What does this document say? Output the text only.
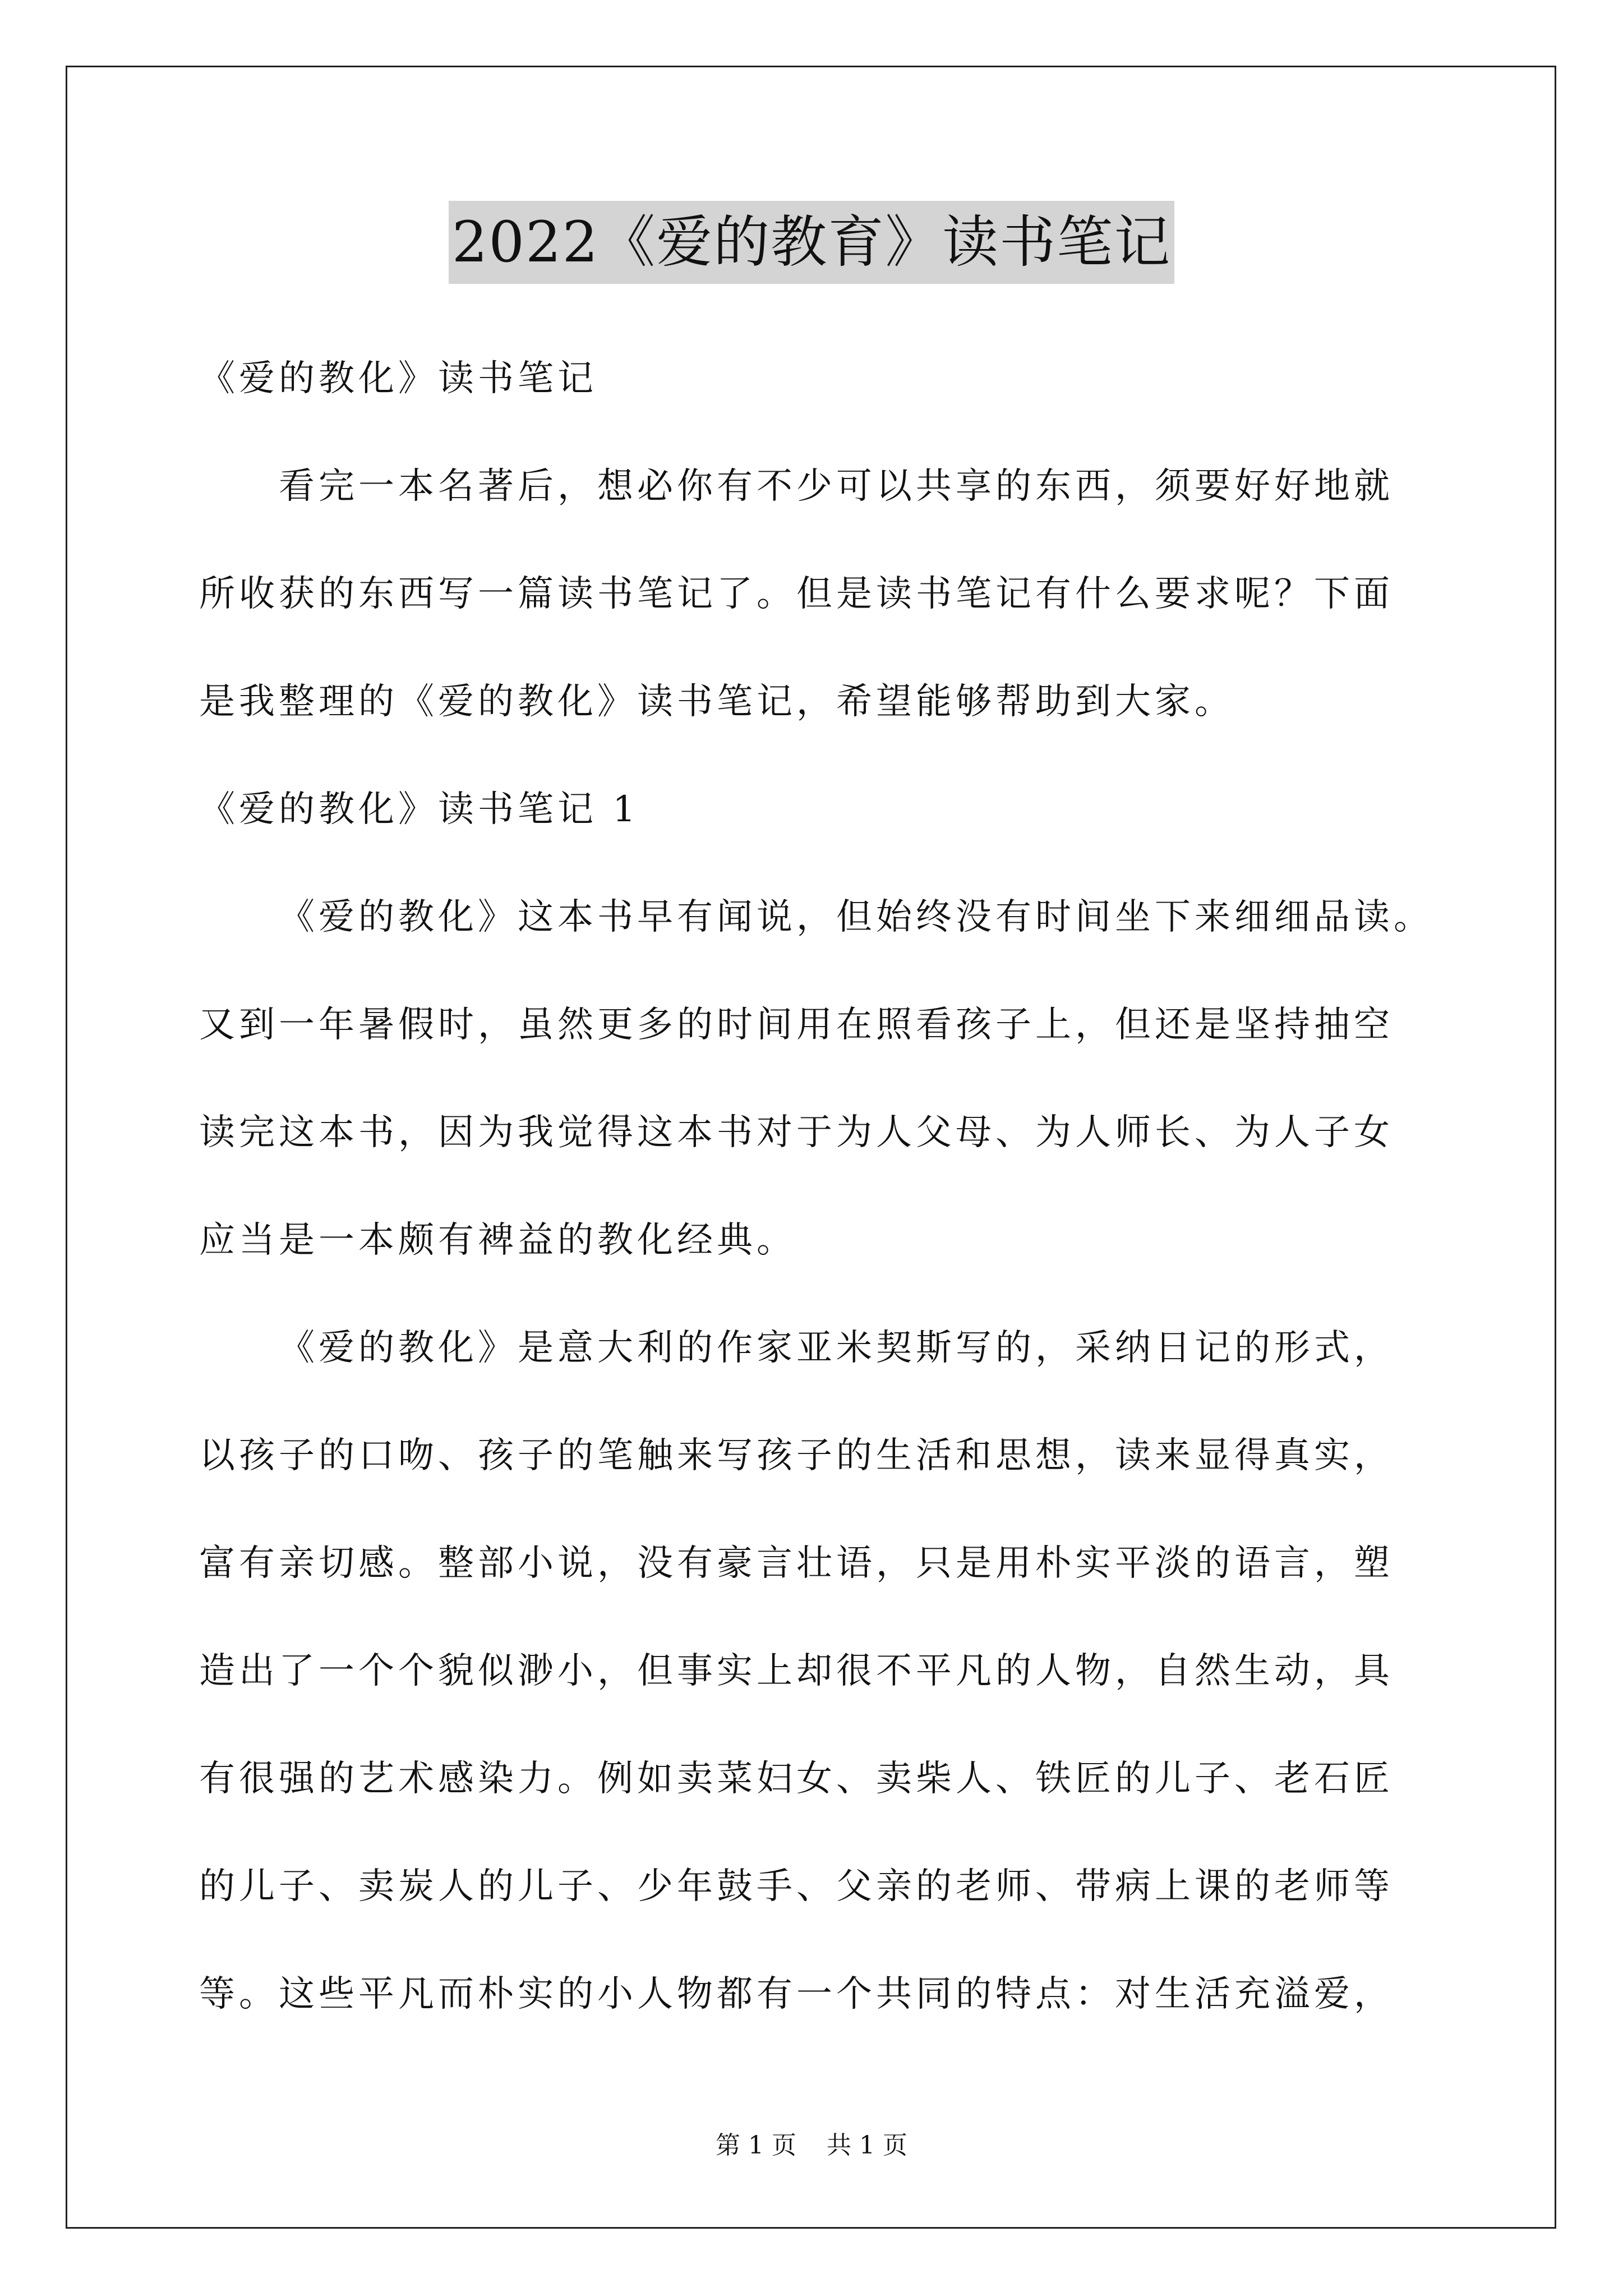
2022《爱的教育》读书笔记
《爱的教化》读书笔记
看完一本名著后，想必你有不少可以共享的东西，须要好好地就
所收获的东西写一篇读书笔记了。但是读书笔记有什么要求呢？下面
是我整理的《爱的教化》读书笔记，希望能够帮助到大家。
《爱的教化》读书笔记 1
《爱的教化》这本书早有闻说，但始终没有时间坐下来细细品读。
又到一年暑假时，虽然更多的时间用在照看孩子上，但还是坚持抽空
读完这本书，因为我觉得这本书对于为人父母、为人师长、为人子女
应当是一本颇有裨益的教化经典。
《爱的教化》是意大利的作家亚米契斯写的，采纳日记的形式，
以孩子的口吻、孩子的笔触来写孩子的生活和思想，读来显得真实，
富有亲切感。整部小说，没有豪言壮语，只是用朴实平淡的语言，塑
造出了一个个貌似渺小，但事实上却很不平凡的人物，自然生动，具
有很强的艺术感染力。例如卖菜妇女、卖柴人、铁匠的儿子、老石匠
的儿子、卖炭人的儿子、少年鼓手、父亲的老师、带病上课的老师等
等。这些平凡而朴实的小人物都有一个共同的特点：对生活充溢爱，
第 1 页 共 1 页
